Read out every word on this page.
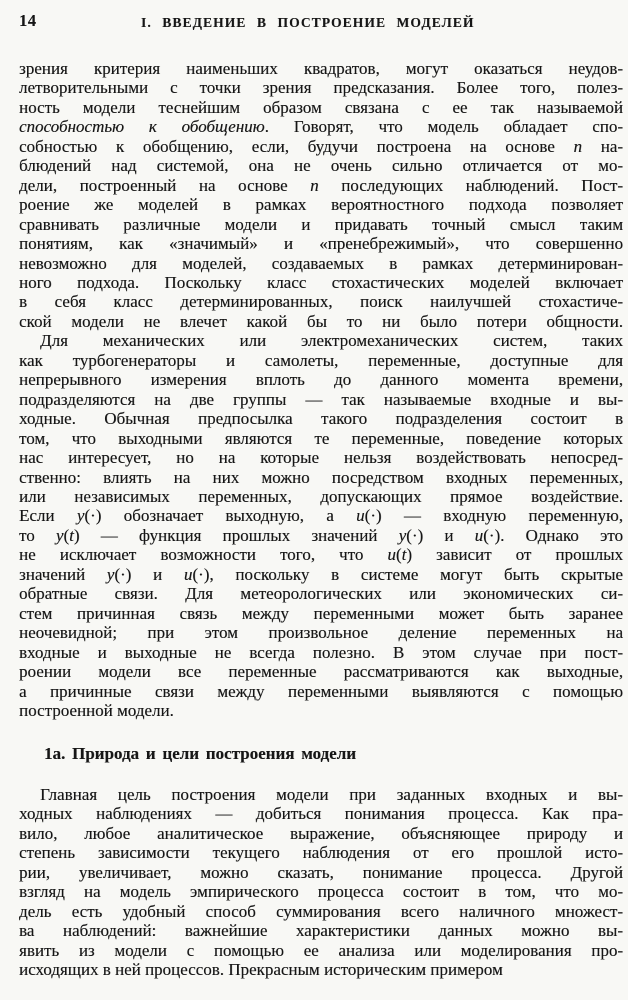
14	I. ВВЕДЕНИЕ В ПОСТРОЕНИЕ МОДЕЛЕЙ
зрения критерия наименьших квадратов, могут оказаться неудов-
летворительными с точки зрения предсказания. Более того, полез-
ность модели теснейшим образом связана с ее так называемой
способностью к обобщению. Говорят, что модель обладает спо-
собностью к обобщению, если, будучи построена на основе n на-
блюдений над системой, она не очень сильно отличается от мо-
дели, построенный на основе n последующих наблюдений. Пост-
роение же моделей в рамках вероятностного подхода позволяет
сравнивать различные модели и придавать точный смысл таким
понятиям, как «значимый» и «пренебрежимый», что совершенно
невозможно для моделей, создаваемых в рамках детерминирован-
ного подхода. Поскольку класс стохастических моделей включает
в себя класс детерминированных, поиск наилучшей стохастиче-
ской модели не влечет какой бы то ни было потери общности.
Для механических или электромеханических систем, таких
как турбогенераторы и самолеты, переменные, доступные для
непрерывного измерения вплоть до данного момента времени,
подразделяются на две группы — так называемые входные и вы-
ходные. Обычная предпосылка такого подразделения состоит в
том, что выходными являются те переменные, поведение которых
нас интересует, но на которые нельзя воздействовать непосред-
ственно: влиять на них можно посредством входных переменных,
или независимых переменных, допускающих прямое воздействие.
Если y(·) обозначает выходную, а u(·) — входную переменную,
то y(t) — функция прошлых значений y(·) и u(·). Однако это
не исключает возможности того, что u(t) зависит от прошлых
значений y(·) и u(·), поскольку в системе могут быть скрытые
обратные связи. Для метеорологических или экономических си-
стем причинная связь между переменными может быть заранее
неочевидной; при этом произвольное деление переменных на
входные и выходные не всегда полезно. В этом случае при пост-
роении модели все переменные рассматриваются как выходные,
а причинные связи между переменными выявляются с помощью
построенной модели.
1a. Природа и цели построения модели
Главная цель построения модели при заданных входных и вы-
ходных наблюдениях — добиться понимания процесса. Как пра-
вило, любое аналитическое выражение, объясняющее природу и
степень зависимости текущего наблюдения от его прошлой исто-
рии, увеличивает, можно сказать, понимание процесса. Другой
взгляд на модель эмпирического процесса состоит в том, что мо-
дель есть удобный способ суммирования всего наличного множест-
ва наблюдений: важнейшие характеристики данных можно вы-
явить из модели с помощью ее анализа или моделирования про-
исходящих в ней процессов. Прекрасным историческим примером
